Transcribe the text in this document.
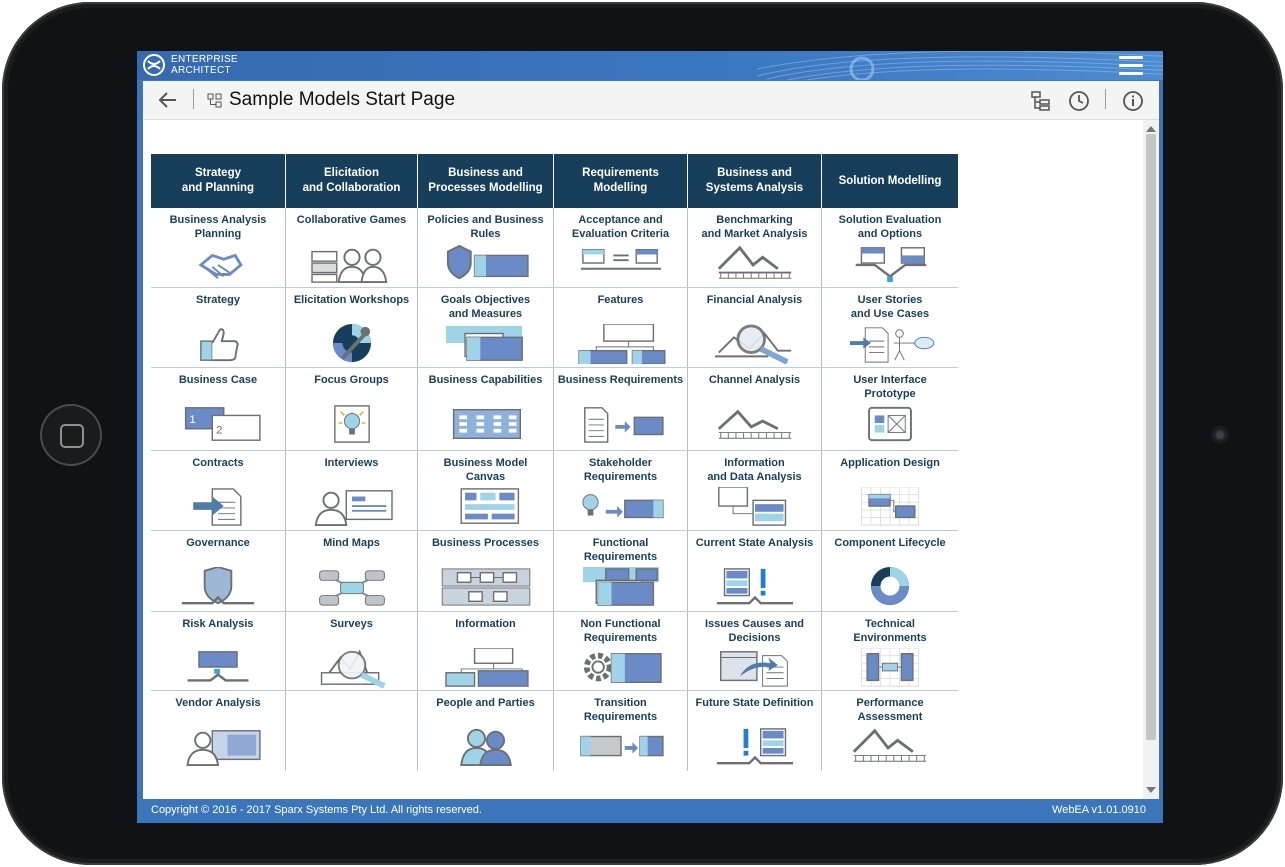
ENTERPRISE
ARCHITECT
Sample Models Start Page
Strategy
and Planning
Business Analysis
Planning
Strategy
Business Case
1
2
Contracts
Governance
Risk Analysis
Vendor Analysis
Elicitation
and Collaboration
Collaborative Games
Elicitation Workshops
Focus Groups
Interviews
Mind Maps
Surveys
Business and
Processes Modelling
Policies and Business
Rules
Goals Objectives
and Measures
Business Capabilities
Business Model
Canvas
Business Processes
Information
People and Parties
Requirements
Modelling
Acceptance and
Evaluation Criteria
Features
Business Requirements
Stakeholder
Requirements
Functional
Requirements
Non Functional
Requirements
Transition
Requirements
Business and
Systems Analysis
Benchmarking
and Market Analysis
Financial Analysis
Channel Analysis
Information
and Data Analysis
Current State Analysis
Issues Causes and
Decisions
Future State Definition
Solution Modelling
Solution Evaluation
and Options
User Stories
and Use Cases
User Interface
Prototype
Application Design
Component Lifecycle
Technical
Environments
Performance
Assessment
Copyright © 2016 - 2017 Sparx Systems Pty Ltd. All rights reserved.	WebEA v1.01.0910
